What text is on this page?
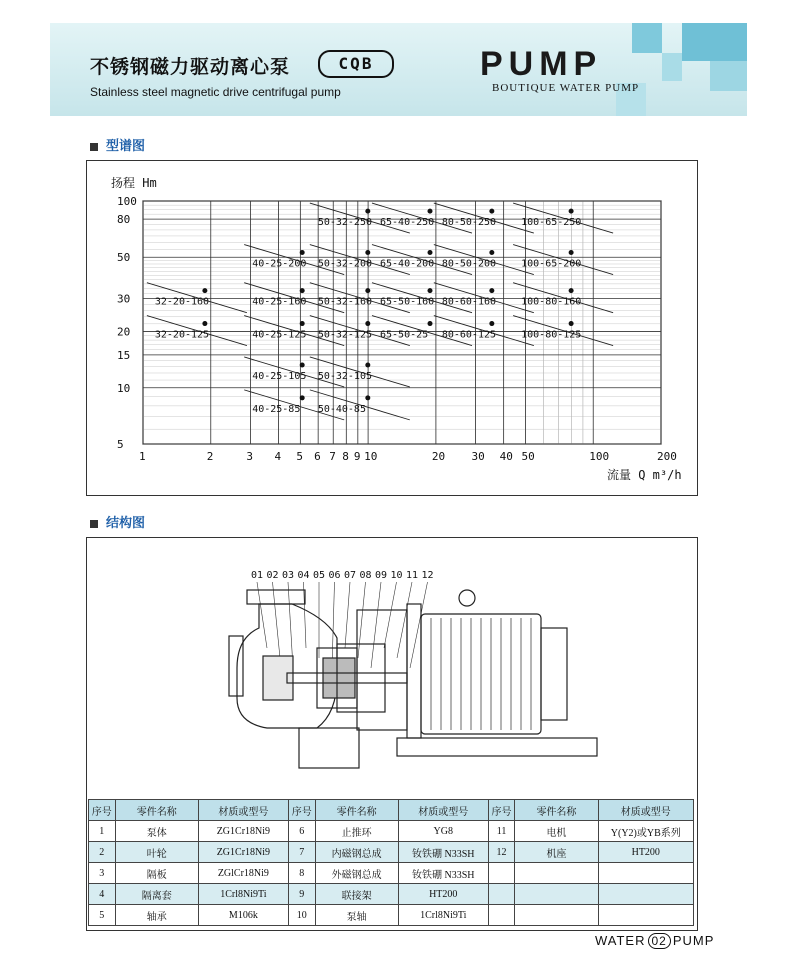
不锈钢磁力驱动离心泵	CQB
Stainless steel magnetic drive centrifugal pump
PUMP
BOUTIQUE WATER PUMP
型谱图
扬程 Hm
流量 Q m³/h
1	2	3 4 5 6 7 8 9 10	20 30 40 50	100	200
5
10
15
20
30
50
80
100
32-20-160
32-20-125
40-25-200
40-25-160
40-25-125
40-25-105
40-25-85
50-32-250
50-32-200
50-32-160
50-32-125
50-32-105
50-40-85
65-40-250
65-40-200
65-50-160
65-50-25
80-50-250
80-50-200
80-60-160
80-60-125
100-65-250
100-65-200
100-80-160
100-80-125
结构图
01 02 03 04 05 06 07 08 09 10 11 12
序号	零件名称	材质或型号	序号	零件名称	材质或型号	序号	零件名称	材质或型号
1	泵体	ZG1Cr18Ni9	6	止推环	YG8	11	电机	Y(Y2)或YB系列
2	叶轮	ZG1Cr18Ni9	7	内磁钢总成	钕铁硼 N33SH	12	机座	HT200
3	隔板	ZGlCr18Ni9	8	外磁钢总成	钕铁硼 N33SH			
4	隔离套	1Crl8Ni9Ti	9	联接架	HT200			
5	轴承	M106k	10	泵轴	1Crl8Ni9Ti			
WATER 02 PUMP
